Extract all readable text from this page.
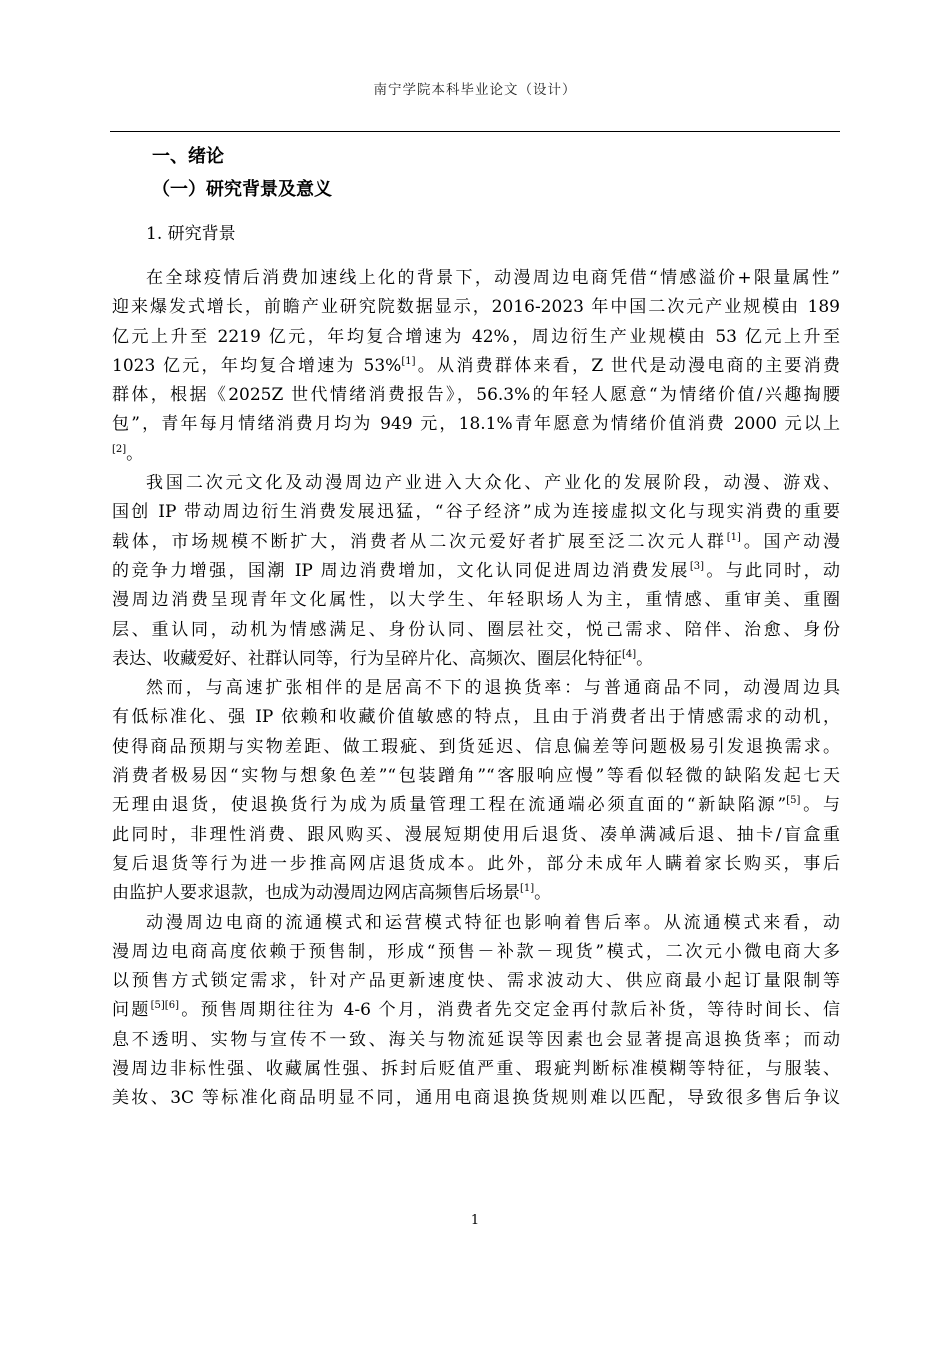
南宁学院本科毕业论文（设计）
一、绪论
（一）研究背景及意义
1. 研究背景

在全球疫情后消费加速线上化的背景下，动漫周边电商凭借“情感溢价+限量属性”
迎来爆发式增长，前瞻产业研究院数据显示，2016-2023 年中国二次元产业规模由 189
亿元上升至 2219 亿元，年均复合增速为 42%，周边衍生产业规模由 53 亿元上升至
1023 亿元，年均复合增速为 53%[1]。从消费群体来看，Z 世代是动漫电商的主要消费
群体，根据《2025Z 世代情绪消费报告》，56.3%的年轻人愿意“为情绪价值/兴趣掏腰
包”，青年每月情绪消费月均为 949 元，18.1%青年愿意为情绪价值消费 2000 元以上
[2]。

我国二次元文化及动漫周边产业进入大众化、产业化的发展阶段，动漫、游戏、
国创 IP 带动周边衍生消费发展迅猛，“谷子经济”成为连接虚拟文化与现实消费的重要
载体，市场规模不断扩大，消费者从二次元爱好者扩展至泛二次元人群[1]。国产动漫
的竞争力增强，国潮 IP 周边消费增加，文化认同促进周边消费发展[3]。与此同时，动
漫周边消费呈现青年文化属性，以大学生、年轻职场人为主，重情感、重审美、重圈
层、重认同，动机为情感满足、身份认同、圈层社交，悦己需求、陪伴、治愈、身份
表达、收藏爱好、社群认同等，行为呈碎片化、高频次、圈层化特征[4]。

然而，与高速扩张相伴的是居高不下的退换货率：与普通商品不同，动漫周边具
有低标准化、强 IP 依赖和收藏价值敏感的特点，且由于消费者出于情感需求的动机，
使得商品预期与实物差距、做工瑕疵、到货延迟、信息偏差等问题极易引发退换需求。
消费者极易因“实物与想象色差”“包装蹭角”“客服响应慢”等看似轻微的缺陷发起七天
无理由退货，使退换货行为成为质量管理工程在流通端必须直面的“新缺陷源”[5]。与
此同时，非理性消费、跟风购买、漫展短期使用后退货、凑单满减后退、抽卡/盲盒重
复后退货等行为进一步推高网店退货成本。此外，部分未成年人瞒着家长购买，事后
由监护人要求退款，也成为动漫周边网店高频售后场景[1]。

动漫周边电商的流通模式和运营模式特征也影响着售后率。从流通模式来看，动
漫周边电商高度依赖于预售制，形成“预售－补款－现货”模式，二次元小微电商大多
以预售方式锁定需求，针对产品更新速度快、需求波动大、供应商最小起订量限制等
问题[5][6]。预售周期往往为 4-6 个月，消费者先交定金再付款后补货，等待时间长、信
息不透明、实物与宣传不一致、海关与物流延误等因素也会显著提高退换货率；而动
漫周边非标性强、收藏属性强、拆封后贬值严重、瑕疵判断标准模糊等特征，与服装、
美妆、3C 等标准化商品明显不同，通用电商退换货规则难以匹配，导致很多售后争议

1
